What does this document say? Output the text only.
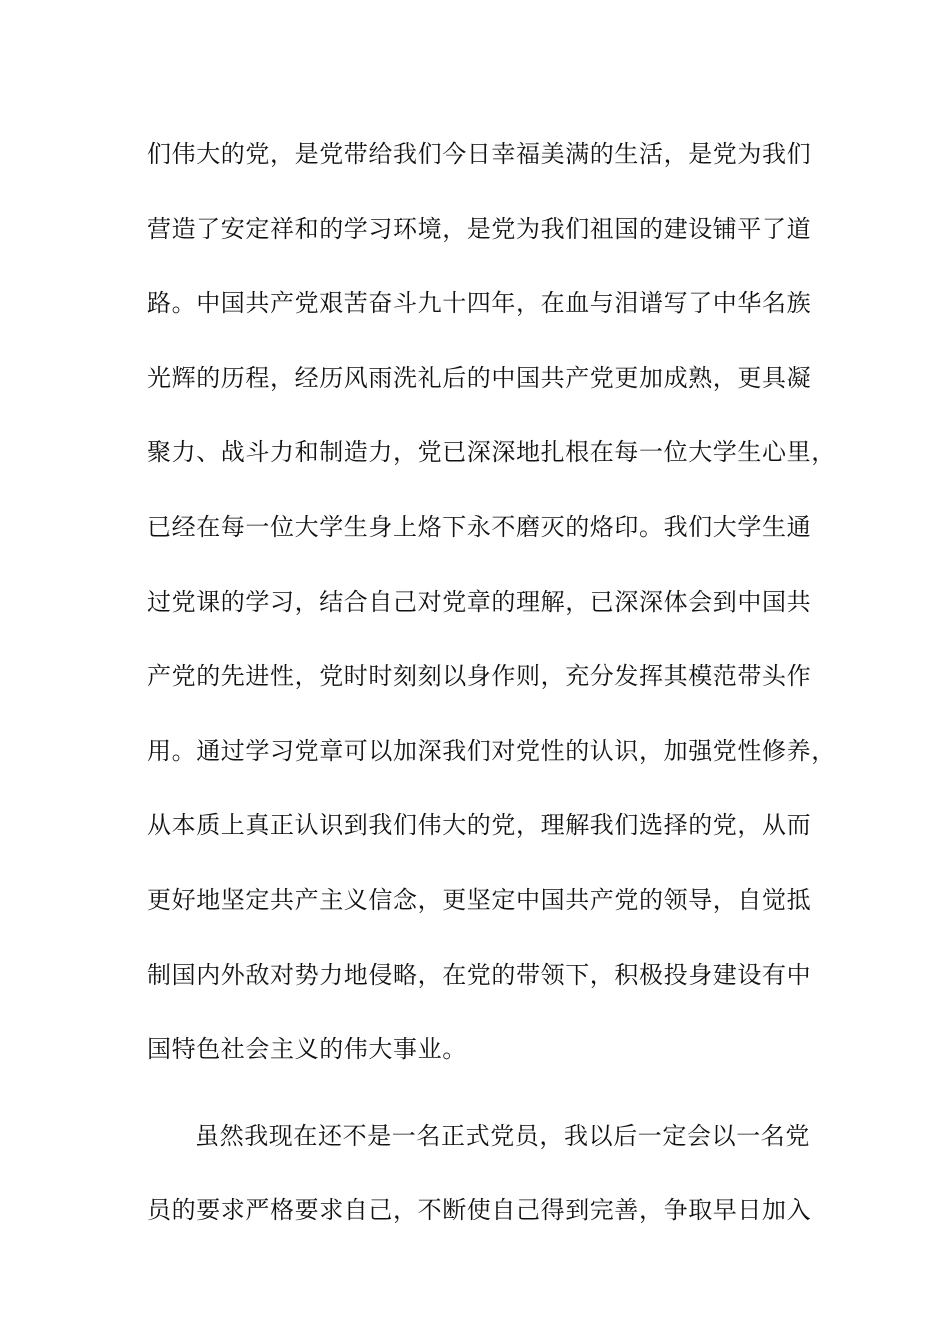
们伟大的党，是党带给我们今日幸福美满的生活，是党为我们
营造了安定祥和的学习环境，是党为我们祖国的建设铺平了道
路。中国共产党艰苦奋斗九十四年，在血与泪谱写了中华名族
光辉的历程，经历风雨洗礼后的中国共产党更加成熟，更具凝
聚力、战斗力和制造力，党已深深地扎根在每一位大学生心里，
已经在每一位大学生身上烙下永不磨灭的烙印。我们大学生通
过党课的学习，结合自己对党章的理解，已深深体会到中国共
产党的先进性，党时时刻刻以身作则，充分发挥其模范带头作
用。通过学习党章可以加深我们对党性的认识，加强党性修养，
从本质上真正认识到我们伟大的党，理解我们选择的党，从而
更好地坚定共产主义信念，更坚定中国共产党的领导，自觉抵
制国内外敌对势力地侵略，在党的带领下，积极投身建设有中
国特色社会主义的伟大事业。
虽然我现在还不是一名正式党员，我以后一定会以一名党
员的要求严格要求自己，不断使自己得到完善，争取早日加入
